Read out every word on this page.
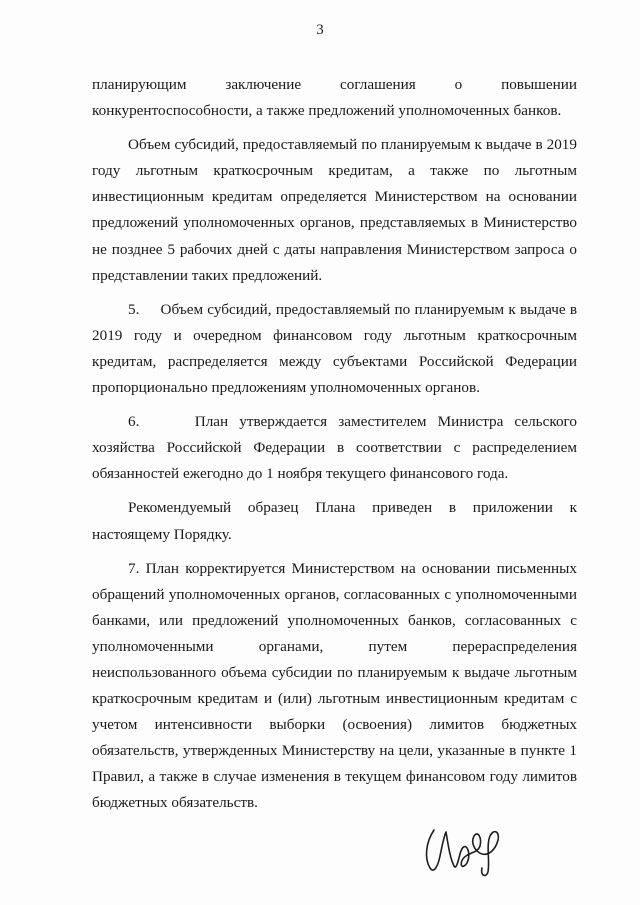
3

планирующим заключение соглашения о повышении
конкурентоспособности, а также предложений уполномоченных банков.

Объем субсидий, предоставляемый по планируемым к выдаче в 2019 году льготным краткосрочным кредитам, а также по льготным инвестиционным кредитам определяется Министерством на основании предложений уполномоченных органов, представляемых в Министерство не позднее 5 рабочих дней с даты направления Министерством запроса о представлении таких предложений.

5.     Объем субсидий, предоставляемый по планируемым к выдаче в 2019 году и очередном финансовом году льготным краткосрочным кредитам, распределяется между субъектами Российской Федерации пропорционально предложениям уполномоченных органов.

6.     План утверждается заместителем Министра сельского хозяйства Российской Федерации в соответствии с распределением обязанностей ежегодно до 1 ноября текущего финансового года.

Рекомендуемый образец Плана приведен в приложении к настоящему Порядку.

7. План корректируется Министерством на основании письменных обращений уполномоченных органов, согласованных с уполномоченными банками, или предложений уполномоченных банков, согласованных с уполномоченными органами, путем перераспределения неиспользованного объема субсидии по планируемым к выдаче льготным краткосрочным кредитам и (или) льготным инвестиционным кредитам с учетом интенсивности выборки (освоения) лимитов бюджетных обязательств, утвержденных Министерству на цели, указанные в пункте 1 Правил, а также в случае изменения в текущем финансовом году лимитов бюджетных обязательств.
